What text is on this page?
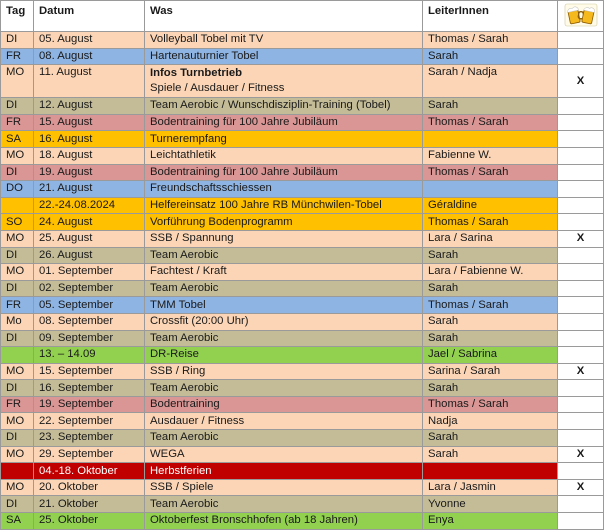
Tag	Datum	Was	LeiterInnen	

DI	05. August	Volleyball Tobel mit TV	Thomas / Sarah	
FR	08. August	Hartenauturnier Tobel	Sarah	
MO	11. August	Infos Turnbetrieb
Spiele / Ausdauer / Fitness	Sarah / Nadja	X
DI	12. August	Team Aerobic / Wunschdisziplin-Training (Tobel)	Sarah	
FR	15. August	Bodentraining für 100 Jahre Jubiläum	Thomas / Sarah	
SA	16. August	Turnerempfang		
MO	18. August	Leichtathletik	Fabienne W.	
DI	19. August	Bodentraining für 100 Jahre Jubiläum	Thomas / Sarah	
DO	21. August	Freundschaftsschiessen		
	22.-24.08.2024	Helfereinsatz 100 Jahre RB Münchwilen-Tobel	Géraldine	
SO	24. August	Vorführung Bodenprogramm	Thomas / Sarah	
MO	25. August	SSB / Spannung	Lara / Sarina	X
DI	26. August	Team Aerobic	Sarah	
MO	01. September	Fachtest / Kraft	Lara / Fabienne W.	
DI	02. September	Team Aerobic	Sarah	
FR	05. September	TMM Tobel	Thomas / Sarah	
Mo	08. September	Crossfit (20:00 Uhr)	Sarah	
DI	09. September	Team Aerobic	Sarah	
	13. – 14.09	DR-Reise	Jael / Sabrina	
MO	15. September	SSB / Ring	Sarina / Sarah	X
DI	16. September	Team Aerobic	Sarah	
FR	19. September	Bodentraining	Thomas / Sarah	
MO	22. September	Ausdauer / Fitness	Nadja	
DI	23. September	Team Aerobic	Sarah	
MO	29. September	WEGA	Sarah	X
	04.-18. Oktober	Herbstferien		
MO	20. Oktober	SSB / Spiele	Lara / Jasmin	X
DI	21. Oktober	Team Aerobic	Yvonne	
SA	25. Oktober	Oktoberfest Bronschhofen (ab 18 Jahren)	Enya	
